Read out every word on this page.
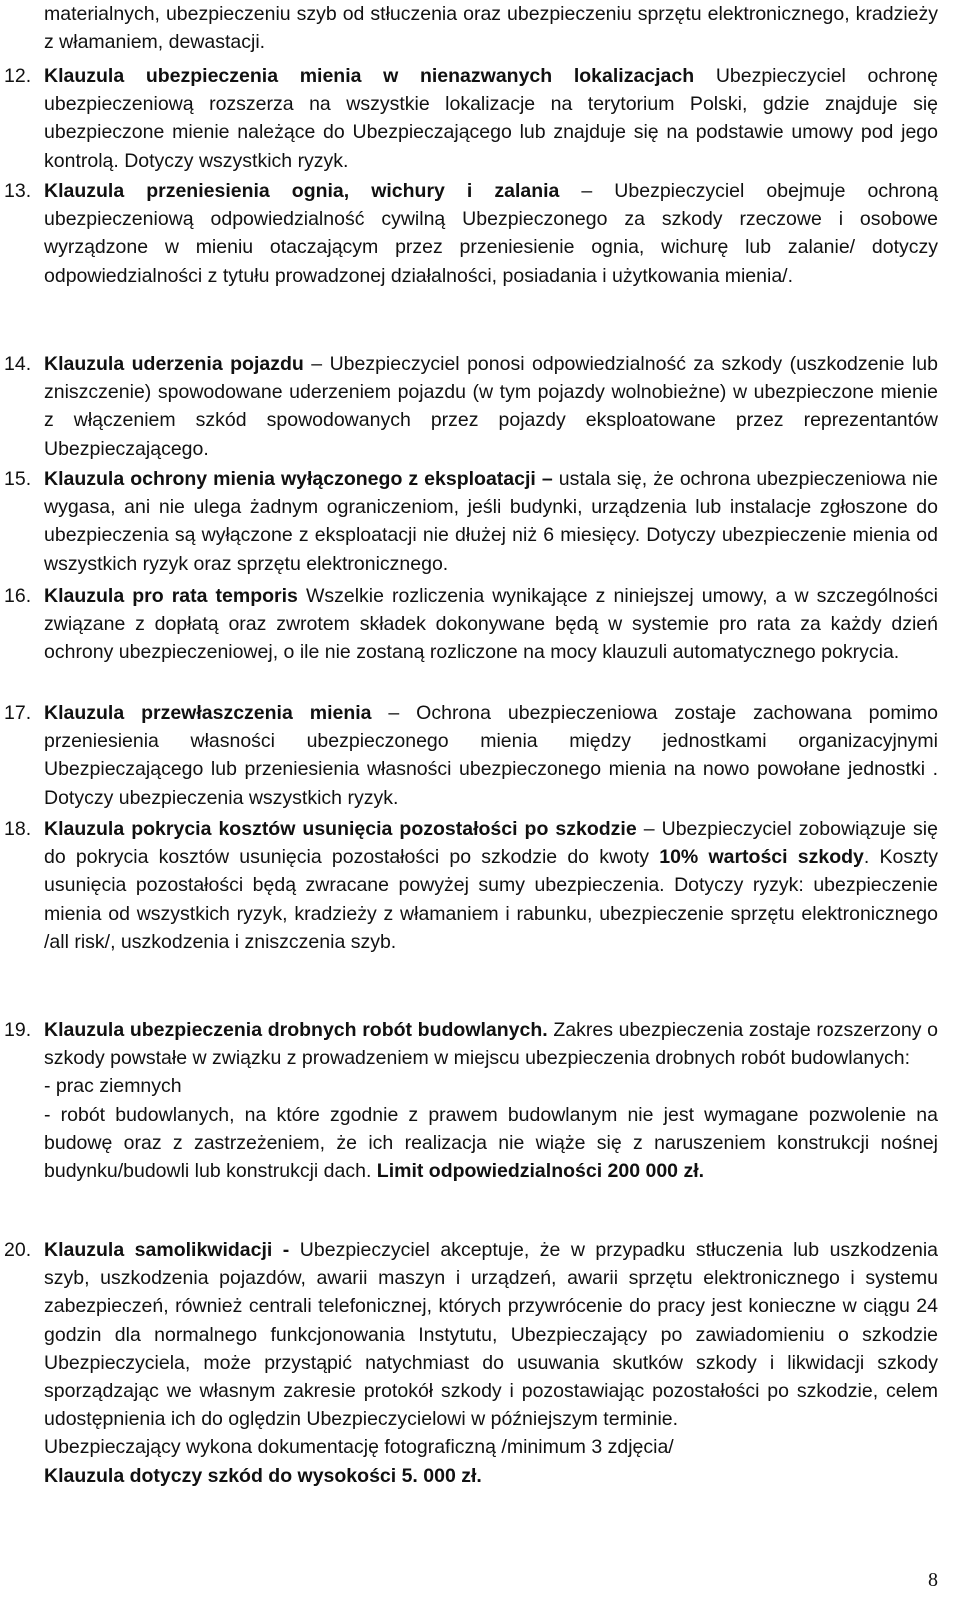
materialnych, ubezpieczeniu szyb od stłuczenia oraz ubezpieczeniu sprzętu elektronicznego, kradzieży z włamaniem, dewastacji.
12. Klauzula ubezpieczenia mienia w nienazwanych lokalizacjach Ubezpieczyciel ochronę ubezpieczeniową rozszerza na wszystkie lokalizacje na terytorium Polski, gdzie znajduje się ubezpieczone mienie należące do Ubezpieczającego lub znajduje się na podstawie umowy pod jego kontrolą. Dotyczy wszystkich ryzyk.
13. Klauzula przeniesienia ognia, wichury i zalania – Ubezpieczyciel obejmuje ochroną ubezpieczeniową odpowiedzialność cywilną Ubezpieczonego za szkody rzeczowe i osobowe wyrządzone w mieniu otaczającym przez przeniesienie ognia, wichurę lub zalanie/ dotyczy odpowiedzialności z tytułu prowadzonej działalności, posiadania i użytkowania mienia/.
14. Klauzula uderzenia pojazdu – Ubezpieczyciel ponosi odpowiedzialność za szkody (uszkodzenie lub zniszczenie) spowodowane uderzeniem pojazdu (w tym pojazdy wolnobieżne) w ubezpieczone mienie z włączeniem szkód spowodowanych przez pojazdy eksploatowane przez reprezentantów Ubezpieczającego.
15. Klauzula ochrony mienia wyłączonego z eksploatacji – ustala się, że ochrona ubezpieczeniowa nie wygasa, ani nie ulega żadnym ograniczeniom, jeśli budynki, urządzenia lub instalacje zgłoszone do ubezpieczenia są wyłączone z eksploatacji nie dłużej niż 6 miesięcy. Dotyczy ubezpieczenie mienia od wszystkich ryzyk oraz sprzętu elektronicznego.
16. Klauzula pro rata temporis Wszelkie rozliczenia wynikające z niniejszej umowy, a w szczególności związane z dopłatą oraz zwrotem składek dokonywane będą w systemie pro rata za każdy dzień ochrony ubezpieczeniowej, o ile nie zostaną rozliczone na mocy klauzuli automatycznego pokrycia.
17. Klauzula przewłaszczenia mienia – Ochrona ubezpieczeniowa zostaje zachowana pomimo przeniesienia własności ubezpieczonego mienia między jednostkami organizacyjnymi Ubezpieczającego lub przeniesienia własności ubezpieczonego mienia na nowo powołane jednostki . Dotyczy ubezpieczenia wszystkich ryzyk.
18. Klauzula pokrycia kosztów usunięcia pozostałości po szkodzie – Ubezpieczyciel zobowiązuje się do pokrycia kosztów usunięcia pozostałości po szkodzie do kwoty 10% wartości szkody. Koszty usunięcia pozostałości będą zwracane powyżej sumy ubezpieczenia. Dotyczy ryzyk: ubezpieczenie mienia od wszystkich ryzyk, kradzieży z włamaniem i rabunku, ubezpieczenie sprzętu elektronicznego /all risk/, uszkodzenia i zniszczenia szyb.
19. Klauzula ubezpieczenia drobnych robót budowlanych. Zakres ubezpieczenia zostaje rozszerzony o szkody powstałe w związku z prowadzeniem w miejscu ubezpieczenia drobnych robót budowlanych:

- prac ziemnych

- robót budowlanych, na które zgodnie z prawem budowlanym nie jest wymagane pozwolenie na budowę oraz z zastrzeżeniem, że ich realizacja nie wiąże się z naruszeniem konstrukcji nośnej budynku/budowli lub konstrukcji dach. Limit odpowiedzialności 200 000 zł.

20. Klauzula samolikwidacji - Ubezpieczyciel akceptuje, że w przypadku stłuczenia lub uszkodzenia szyb, uszkodzenia pojazdów, awarii maszyn i urządzeń, awarii sprzętu elektronicznego i systemu zabezpieczeń, również centrali telefonicznej, których przywrócenie do pracy jest konieczne w ciągu 24 godzin dla normalnego funkcjonowania Instytutu, Ubezpieczający po zawiadomieniu o szkodzie Ubezpieczyciela, może przystąpić natychmiast do usuwania skutków szkody i likwidacji szkody sporządzając we własnym zakresie protokół szkody i pozostawiając pozostałości po szkodzie, celem udostępnienia ich do oględzin Ubezpieczycielowi w późniejszym terminie.

Ubezpieczający wykona dokumentację fotograficzną /minimum 3 zdjęcia/

Klauzula dotyczy szkód do wysokości 5. 000 zł.

8
